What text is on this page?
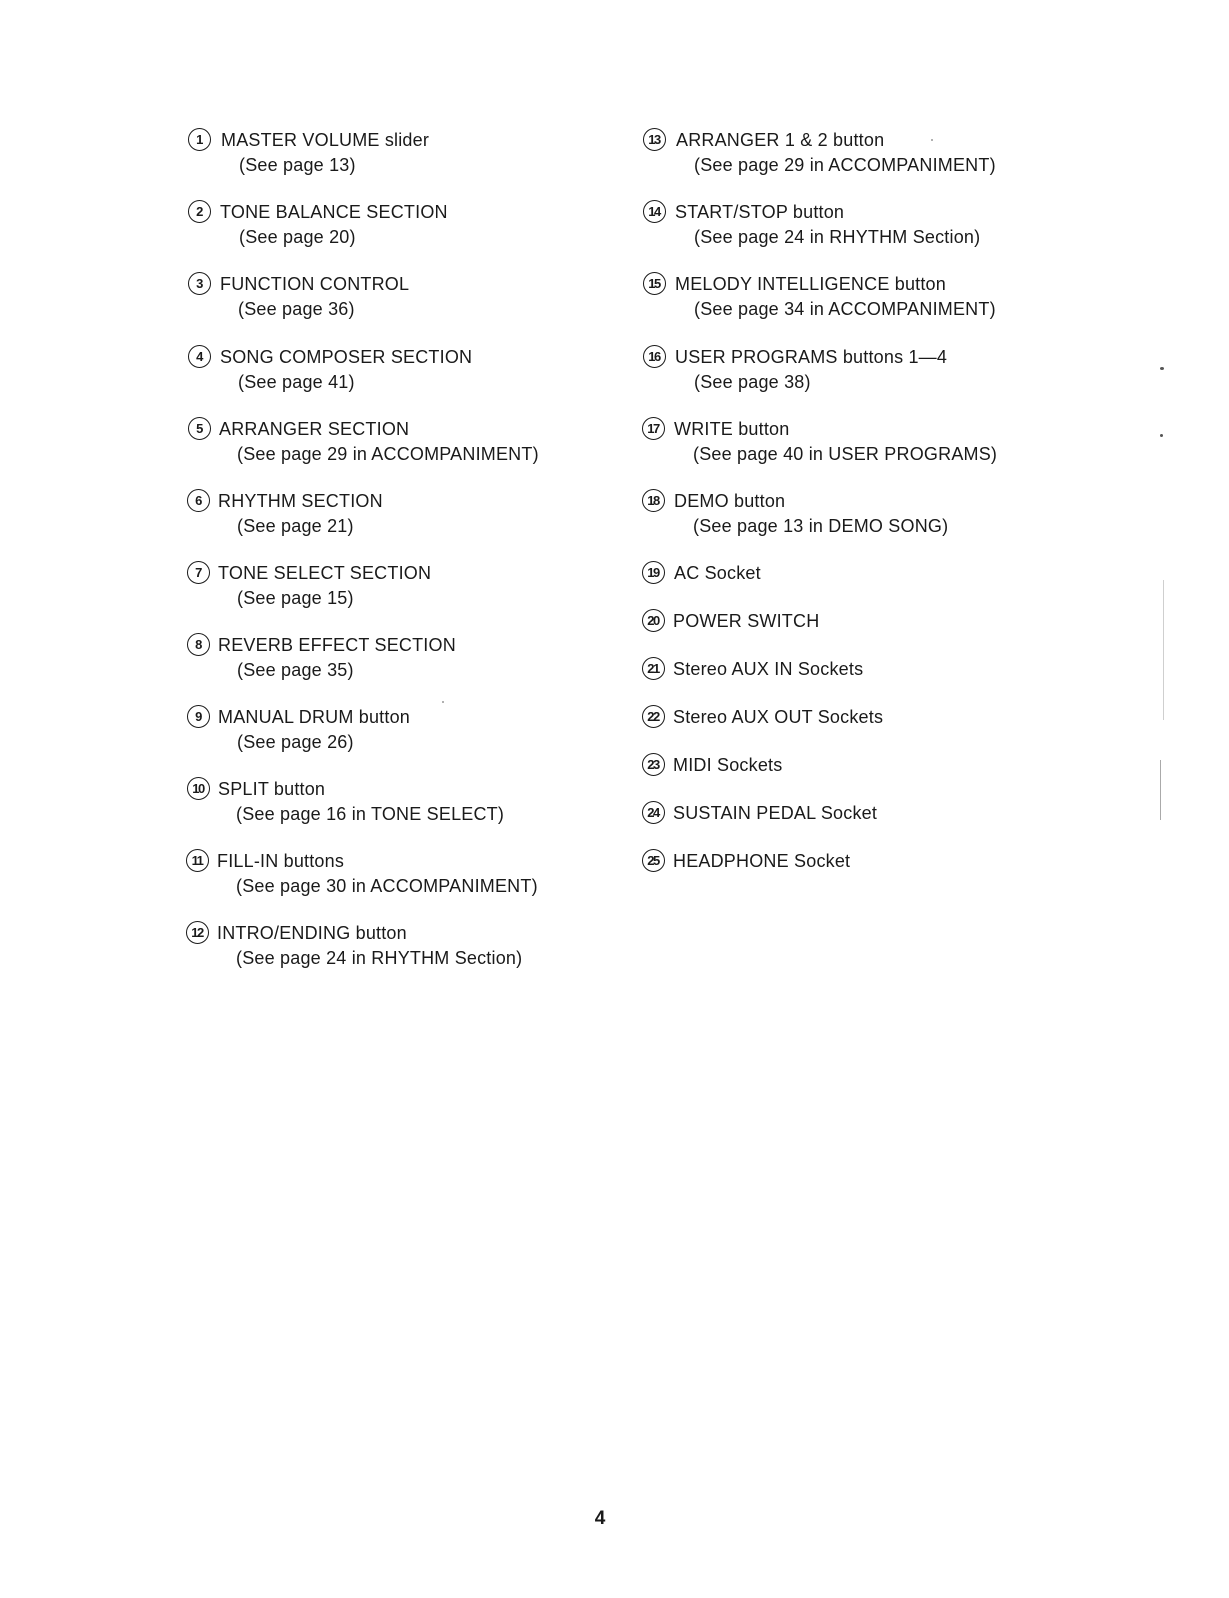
1	MASTER VOLUME slider
(See page 13)
2	TONE BALANCE SECTION
(See page 20)
3	FUNCTION CONTROL
(See page 36)
4	SONG COMPOSER SECTION
(See page 41)
5 ARRANGER SECTION
(See page 29 in ACCOMPANIMENT)
6 RHYTHM SECTION
(See page 21)
7 TONE SELECT SECTION
(See page 15)
8 REVERB EFFECT SECTION
(See page 35)
9 MANUAL DRUM button
(See page 26)
10 SPLIT button
(See page 16 in TONE SELECT)
11 FILL-IN buttons
(See page 30 in ACCOMPANIMENT)
12 INTRO/ENDING button
(See page 24 in RHYTHM Section)
13 ARRANGER 1 & 2 button
(See page 29 in ACCOMPANIMENT)
14 START/STOP button
(See page 24 in RHYTHM Section)
15 MELODY INTELLIGENCE button
(See page 34 in ACCOMPANIMENT)
16 USER PROGRAMS buttons 1—4
(See page 38)
17 WRITE button
(See page 40 in USER PROGRAMS)
18 DEMO button
(See page 13 in DEMO SONG)
19 AC Socket
20 POWER SWITCH
21 Stereo AUX IN Sockets
22 Stereo AUX OUT Sockets
23 MIDI Sockets
24 SUSTAIN PEDAL Socket
25 HEADPHONE Socket
4
